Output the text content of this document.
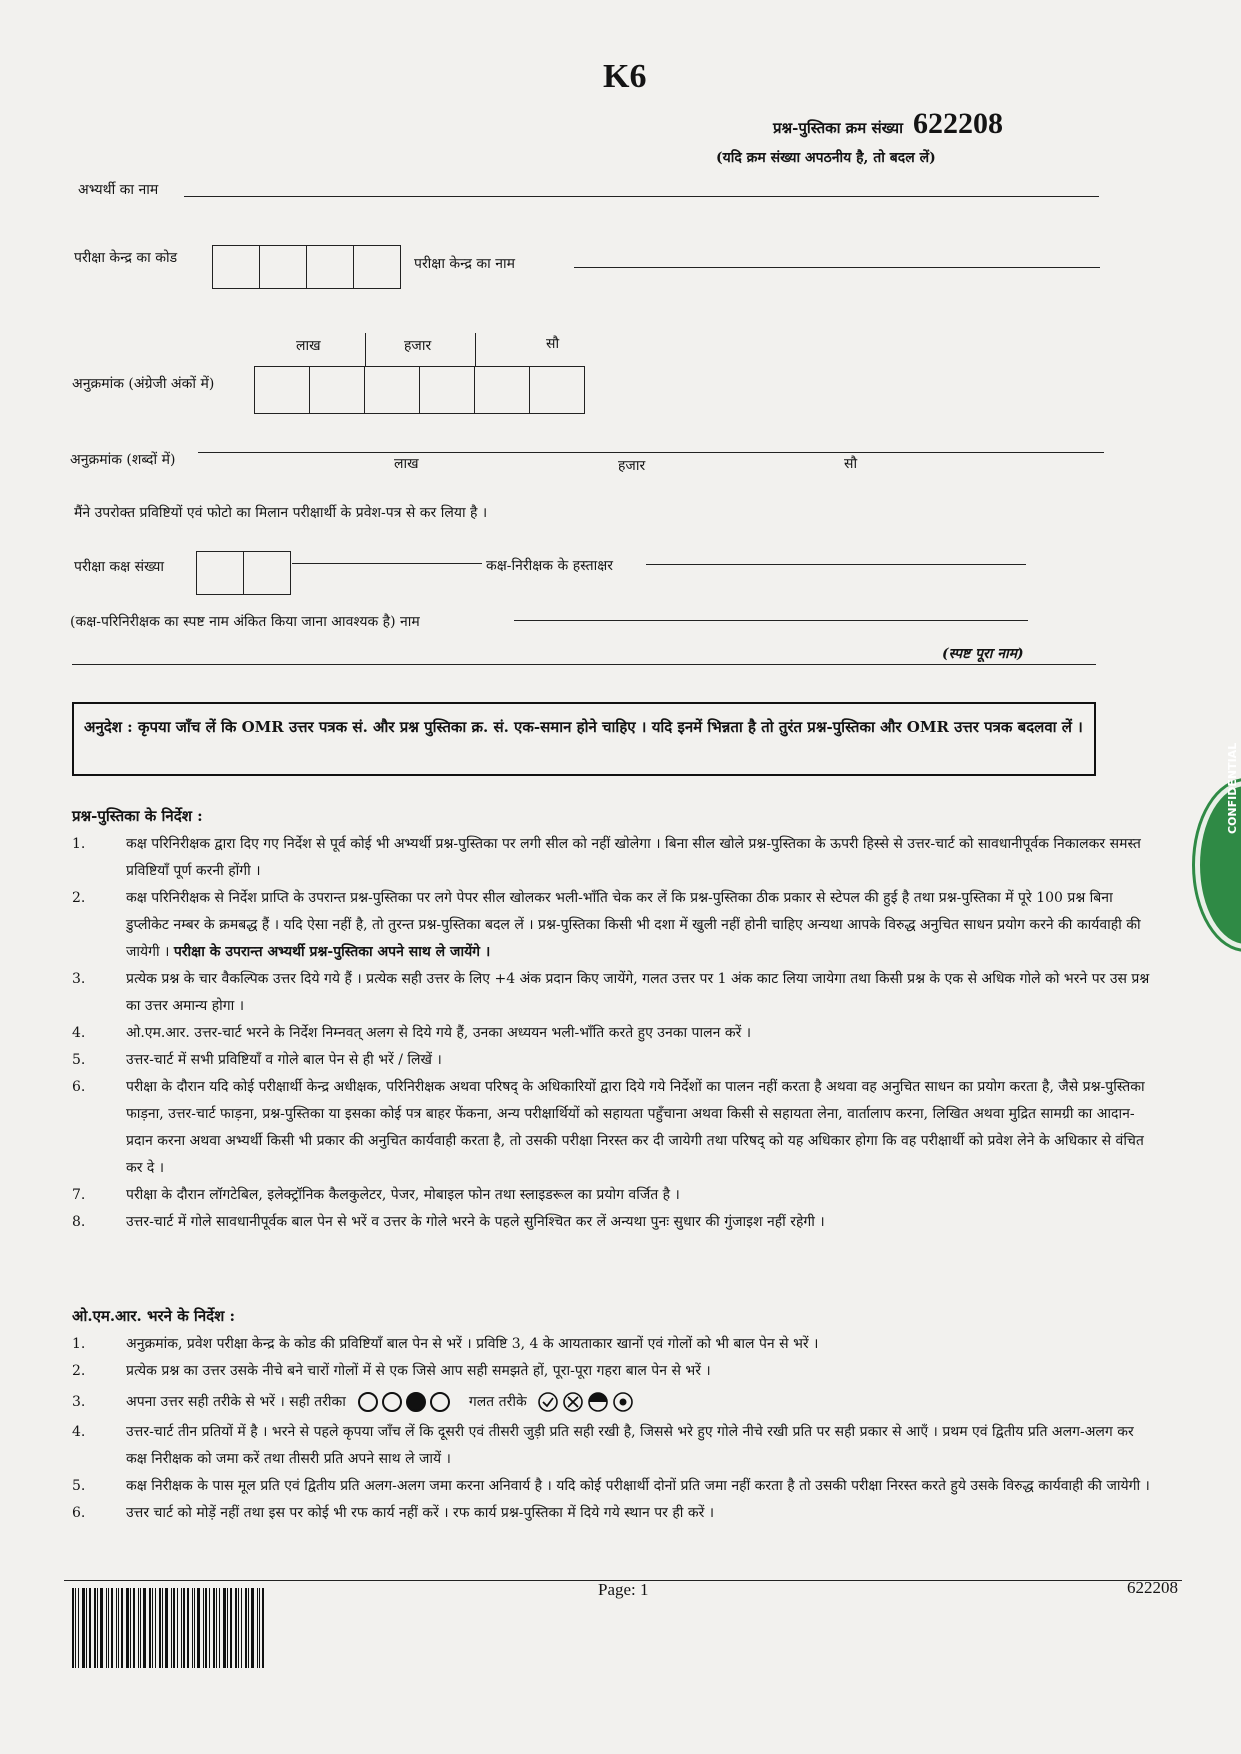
K6
प्रश्न-पुस्तिका क्रम संख्या 622208
(यदि क्रम संख्या अपठनीय है, तो बदल लें)
अभ्यर्थी का नाम
परीक्षा केन्द्र का कोड	परीक्षा केन्द्र का नाम
लाख	हजार	सौ
अनुक्रमांक (अंग्रेजी अंकों में)
अनुक्रमांक (शब्दों में)	लाख	हजार	सौ
मैंने उपरोक्त प्रविष्टियों एवं फोटो का मिलान परीक्षार्थी के प्रवेश-पत्र से कर लिया है ।
परीक्षा कक्ष संख्या	कक्ष-निरीक्षक के हस्ताक्षर
(कक्ष-परिनिरीक्षक का स्पष्ट नाम अंकित किया जाना आवश्यक है) नाम
(स्पष्ट पूरा नाम)
अनुदेश : कृपया जाँच लें कि OMR उत्तर पत्रक सं. और प्रश्न पुस्तिका क्र. सं. एक-समान होने चाहिए । यदि इनमें भिन्नता है तो तुरंत प्रश्न-पुस्तिका और OMR उत्तर पत्रक बदलवा लें ।
प्रश्न-पुस्तिका के निर्देश :
1.	कक्ष परिनिरीक्षक द्वारा दिए गए निर्देश से पूर्व कोई भी अभ्यर्थी प्रश्न-पुस्तिका पर लगी सील को नहीं खोलेगा । बिना सील खोले प्रश्न-पुस्तिका के ऊपरी हिस्से से उत्तर-चार्ट को सावधानीपूर्वक निकालकर समस्त प्रविष्टियाँ पूर्ण करनी होंगी ।
2.	कक्ष परिनिरीक्षक से निर्देश प्राप्ति के उपरान्त प्रश्न-पुस्तिका पर लगे पेपर सील खोलकर भली-भाँति चेक कर लें कि प्रश्न-पुस्तिका ठीक प्रकार से स्टेपल की हुई है तथा प्रश्न-पुस्तिका में पूरे 100 प्रश्न बिना डुप्लीकेट नम्बर के क्रमबद्ध हैं । यदि ऐसा नहीं है, तो तुरन्त प्रश्न-पुस्तिका बदल लें । प्रश्न-पुस्तिका किसी भी दशा में खुली नहीं होनी चाहिए अन्यथा आपके विरुद्ध अनुचित साधन प्रयोग करने की कार्यवाही की जायेगी । परीक्षा के उपरान्त अभ्यर्थी प्रश्न-पुस्तिका अपने साथ ले जायेंगे ।
3.	प्रत्येक प्रश्न के चार वैकल्पिक उत्तर दिये गये हैं । प्रत्येक सही उत्तर के लिए +4 अंक प्रदान किए जायेंगे, गलत उत्तर पर 1 अंक काट लिया जायेगा तथा किसी प्रश्न के एक से अधिक गोले को भरने पर उस प्रश्न का उत्तर अमान्य होगा ।
4.	ओ.एम.आर. उत्तर-चार्ट भरने के निर्देश निम्नवत् अलग से दिये गये हैं, उनका अध्ययन भली-भाँति करते हुए उनका पालन करें ।
5.	उत्तर-चार्ट में सभी प्रविष्टियाँ व गोले बाल पेन से ही भरें / लिखें ।
6.	परीक्षा के दौरान यदि कोई परीक्षार्थी केन्द्र अधीक्षक, परिनिरीक्षक अथवा परिषद् के अधिकारियों द्वारा दिये गये निर्देशों का पालन नहीं करता है अथवा वह अनुचित साधन का प्रयोग करता है, जैसे प्रश्न-पुस्तिका फाड़ना, उत्तर-चार्ट फाड़ना, प्रश्न-पुस्तिका या इसका कोई पत्र बाहर फेंकना, अन्य परीक्षार्थियों को सहायता पहुँचाना अथवा किसी से सहायता लेना, वार्तालाप करना, लिखित अथवा मुद्रित सामग्री का आदान-प्रदान करना अथवा अभ्यर्थी किसी भी प्रकार की अनुचित कार्यवाही करता है, तो उसकी परीक्षा निरस्त कर दी जायेगी तथा परिषद् को यह अधिकार होगा कि वह परीक्षार्थी को प्रवेश लेने के अधिकार से वंचित कर दे ।
7.	परीक्षा के दौरान लॉगटेबिल, इलेक्ट्रॉनिक कैलकुलेटर, पेजर, मोबाइल फोन तथा स्लाइडरूल का प्रयोग वर्जित है ।
8.	उत्तर-चार्ट में गोले सावधानीपूर्वक बाल पेन से भरें व उत्तर के गोले भरने के पहले सुनिश्चित कर लें अन्यथा पुनः सुधार की गुंजाइश नहीं रहेगी ।
ओ.एम.आर. भरने के निर्देश :
1.	अनुक्रमांक, प्रवेश परीक्षा केन्द्र के कोड की प्रविष्टियाँ बाल पेन से भरें । प्रविष्टि 3, 4 के आयताकार खानों एवं गोलों को भी बाल पेन से भरें ।
2.	प्रत्येक प्रश्न का उत्तर उसके नीचे बने चारों गोलों में से एक जिसे आप सही समझते हों, पूरा-पूरा गहरा बाल पेन से भरें ।
3.	अपना उत्तर सही तरीके से भरें । सही तरीका	गलत तरीके
4.	उत्तर-चार्ट तीन प्रतियों में है । भरने से पहले कृपया जाँच लें कि दूसरी एवं तीसरी जुड़ी प्रति सही रखी है, जिससे भरे हुए गोले नीचे रखी प्रति पर सही प्रकार से आएँ । प्रथम एवं द्वितीय प्रति अलग-अलग कर कक्ष निरीक्षक को जमा करें तथा तीसरी प्रति अपने साथ ले जायें ।
5.	कक्ष निरीक्षक के पास मूल प्रति एवं द्वितीय प्रति अलग-अलग जमा करना अनिवार्य है । यदि कोई परीक्षार्थी दोनों प्रति जमा नहीं करता है तो उसकी परीक्षा निरस्त करते हुये उसके विरुद्ध कार्यवाही की जायेगी ।
6.	उत्तर चार्ट को मोड़ें नहीं तथा इस पर कोई भी रफ कार्य नहीं करें । रफ कार्य प्रश्न-पुस्तिका में दिये गये स्थान पर ही करें ।
CONFIDENTIAL
Page: 1	622208
